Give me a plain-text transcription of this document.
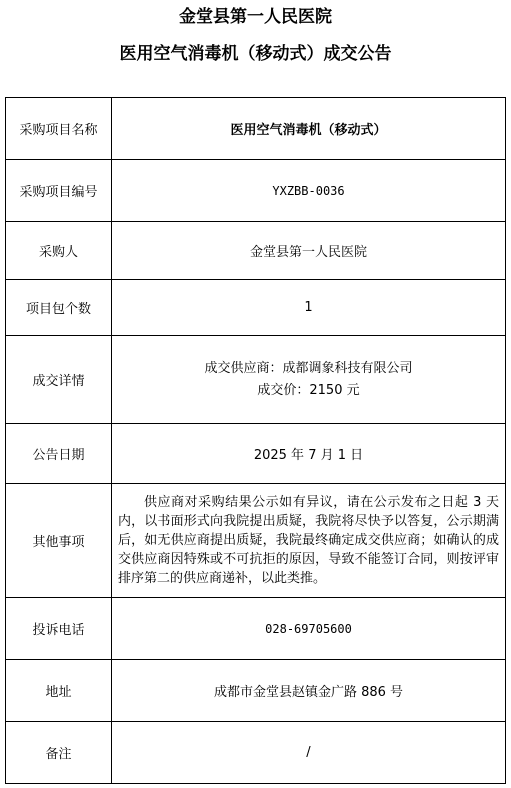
金堂县第一人民医院
医用空气消毒机（移动式）成交公告
采购项目名称	医用空气消毒机（移动式）
采购项目编号	YXZBB-0036
采购人	金堂县第一人民医院
项目包个数	1
成交详情	成交供应商：成都调象科技有限公司
成交价：2150 元

公告日期	2025 年 7 月 1 日
其他事项	供应商对采购结果公示如有异议，请在公示发布之日起 3 天内，以书面形式向我院提出质疑，我院将尽快予以答复，公示期满后，如无供应商提出质疑，我院最终确定成交供应商；如确认的成交供应商因特殊或不可抗拒的原因，导致不能签订合同，则按评审排序第二的供应商递补，以此类推。

投诉电话	028-69705600
地址	成都市金堂县赵镇金广路 886 号
备注	/
